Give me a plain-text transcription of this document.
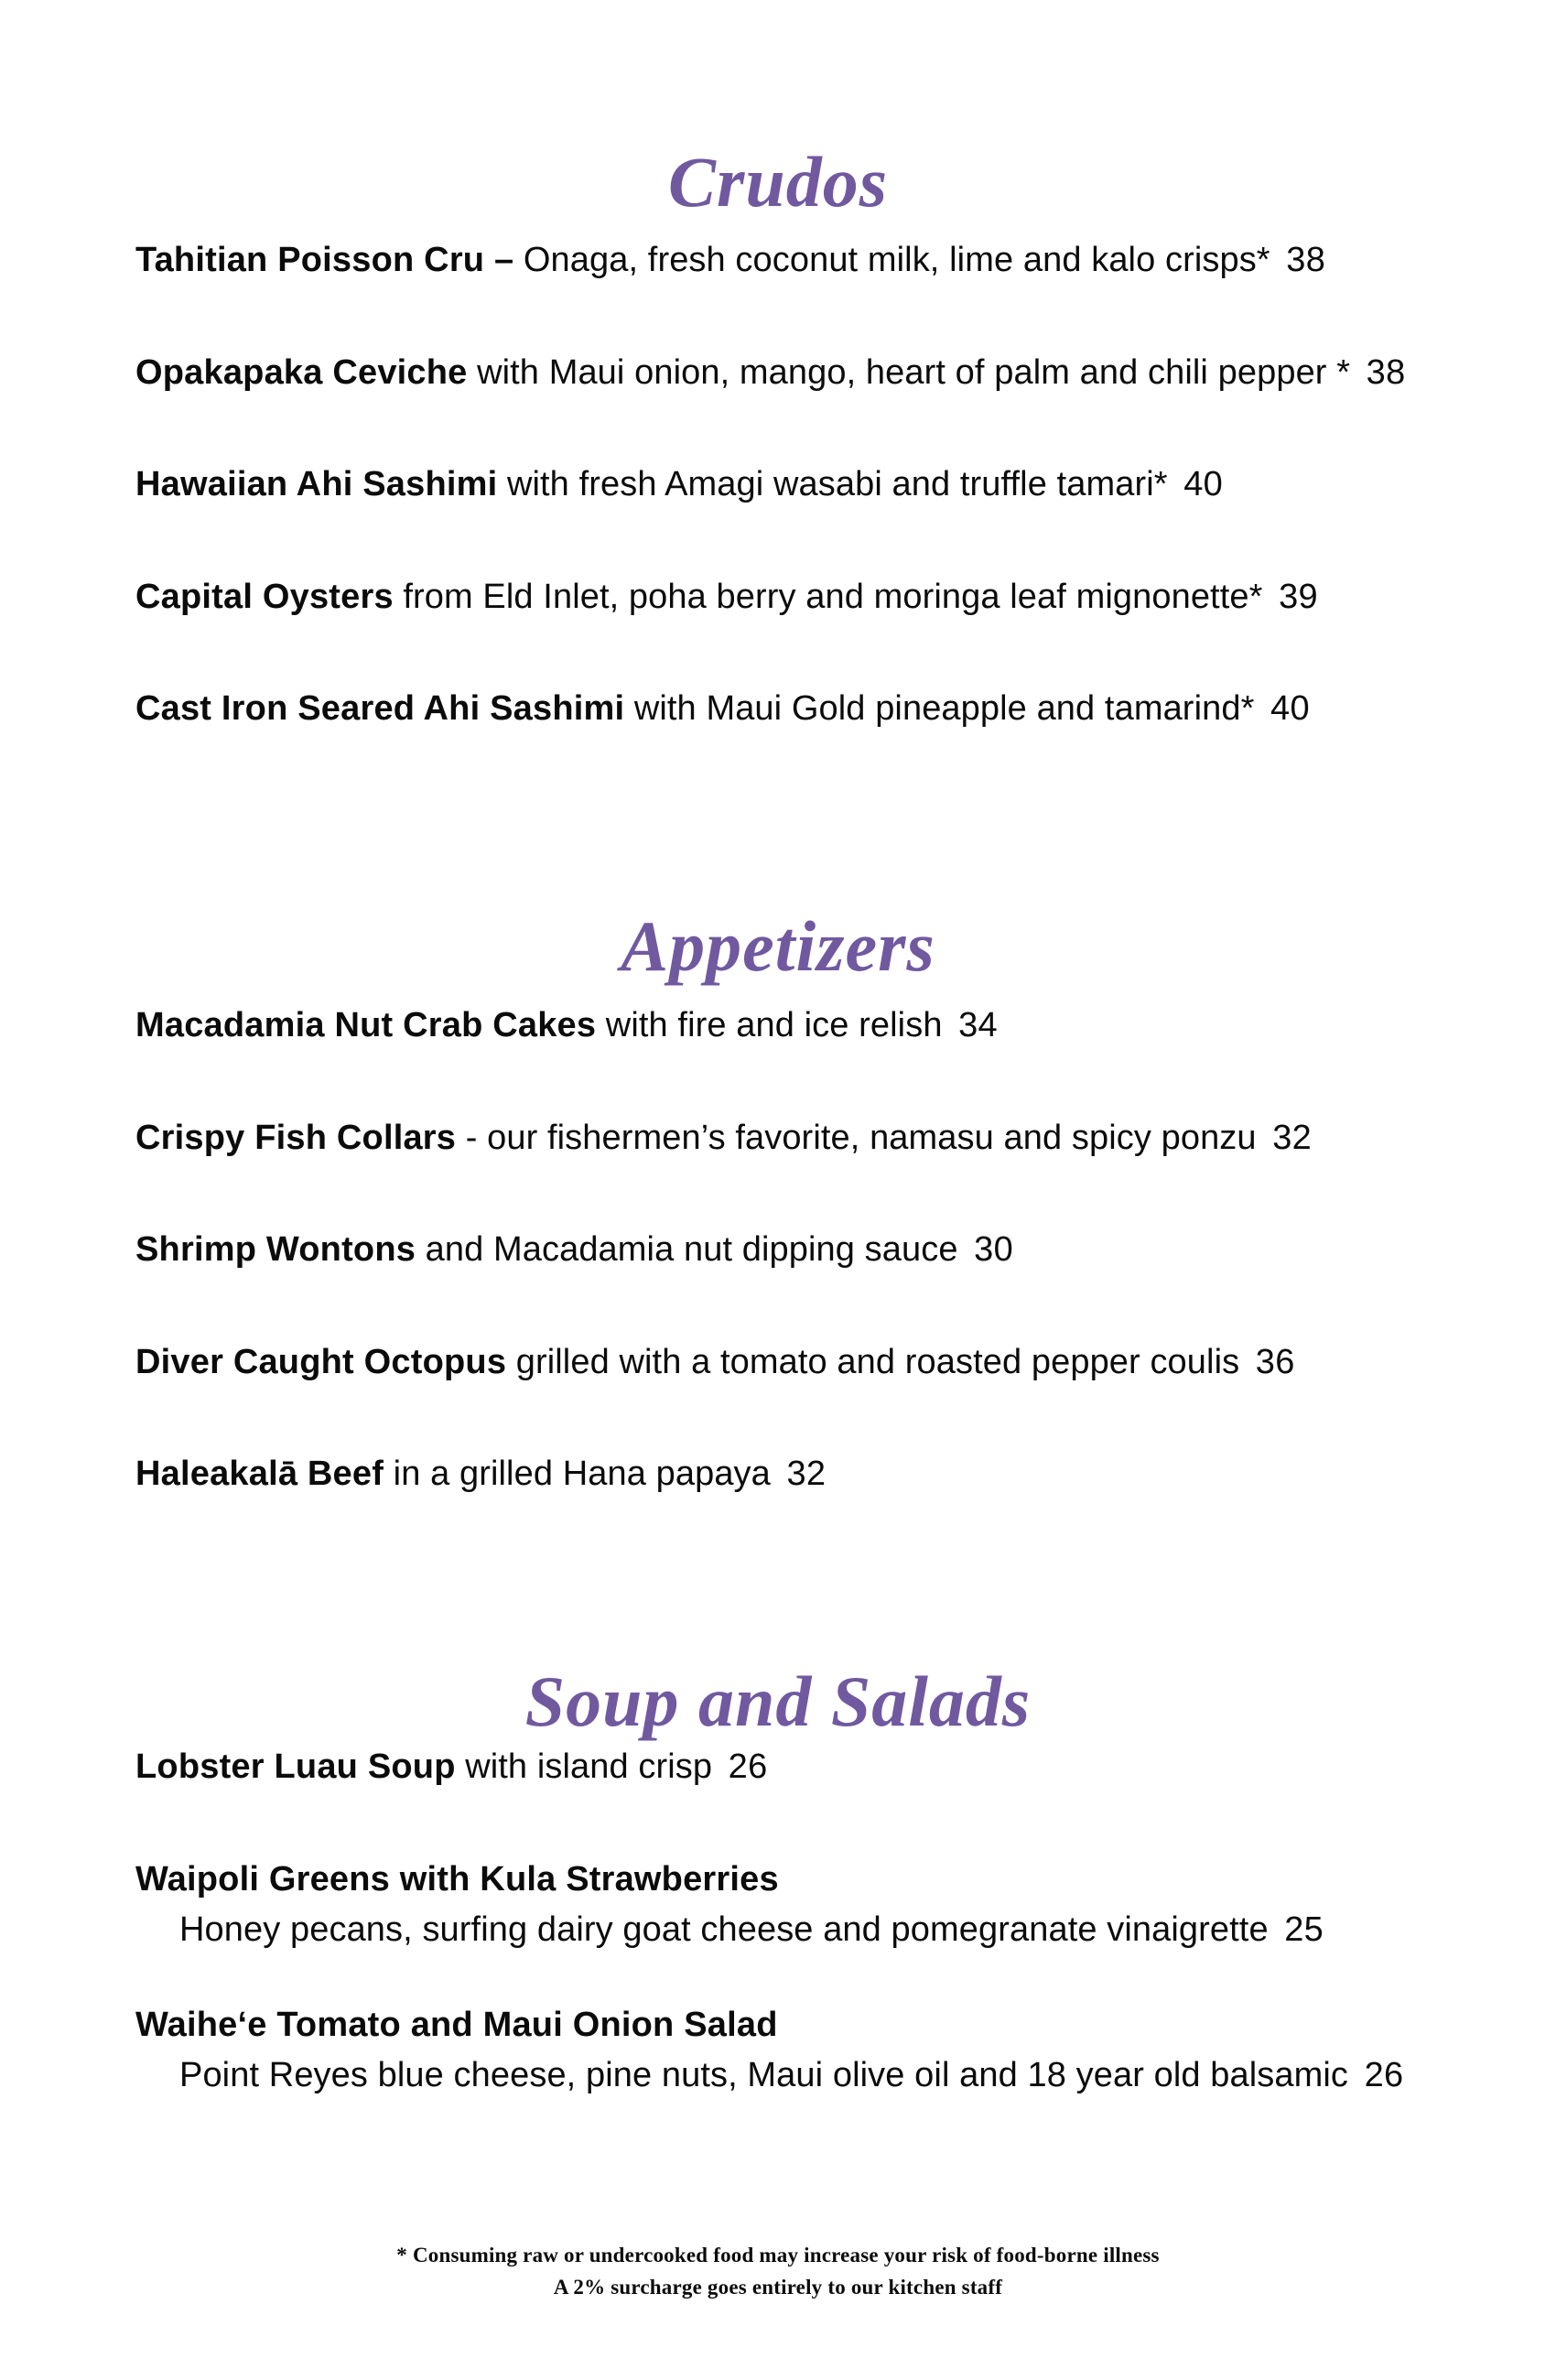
Crudos

Tahitian Poisson Cru – Onaga, fresh coconut milk, lime and kalo crisps* 38

Opakapaka Ceviche with Maui onion, mango, heart of palm and chili pepper * 38

Hawaiian Ahi Sashimi with fresh Amagi wasabi and truffle tamari* 40

Capital Oysters from Eld Inlet, poha berry and moringa leaf mignonette* 39

Cast Iron Seared Ahi Sashimi with Maui Gold pineapple and tamarind* 40

Appetizers

Macadamia Nut Crab Cakes with fire and ice relish 34

Crispy Fish Collars - our fishermen’s favorite, namasu and spicy ponzu 32

Shrimp Wontons and Macadamia nut dipping sauce 30

Diver Caught Octopus grilled with a tomato and roasted pepper coulis 36

Haleakalā Beef in a grilled Hana papaya 32

Soup and Salads

Lobster Luau Soup with island crisp 26

Waipoli Greens with Kula Strawberries
Honey pecans, surfing dairy goat cheese and pomegranate vinaigrette 25

Waiheʻe Tomato and Maui Onion Salad
Point Reyes blue cheese, pine nuts, Maui olive oil and 18 year old balsamic 26

* Consuming raw or undercooked food may increase your risk of food-borne illness
A 2% surcharge goes entirely to our kitchen staff
